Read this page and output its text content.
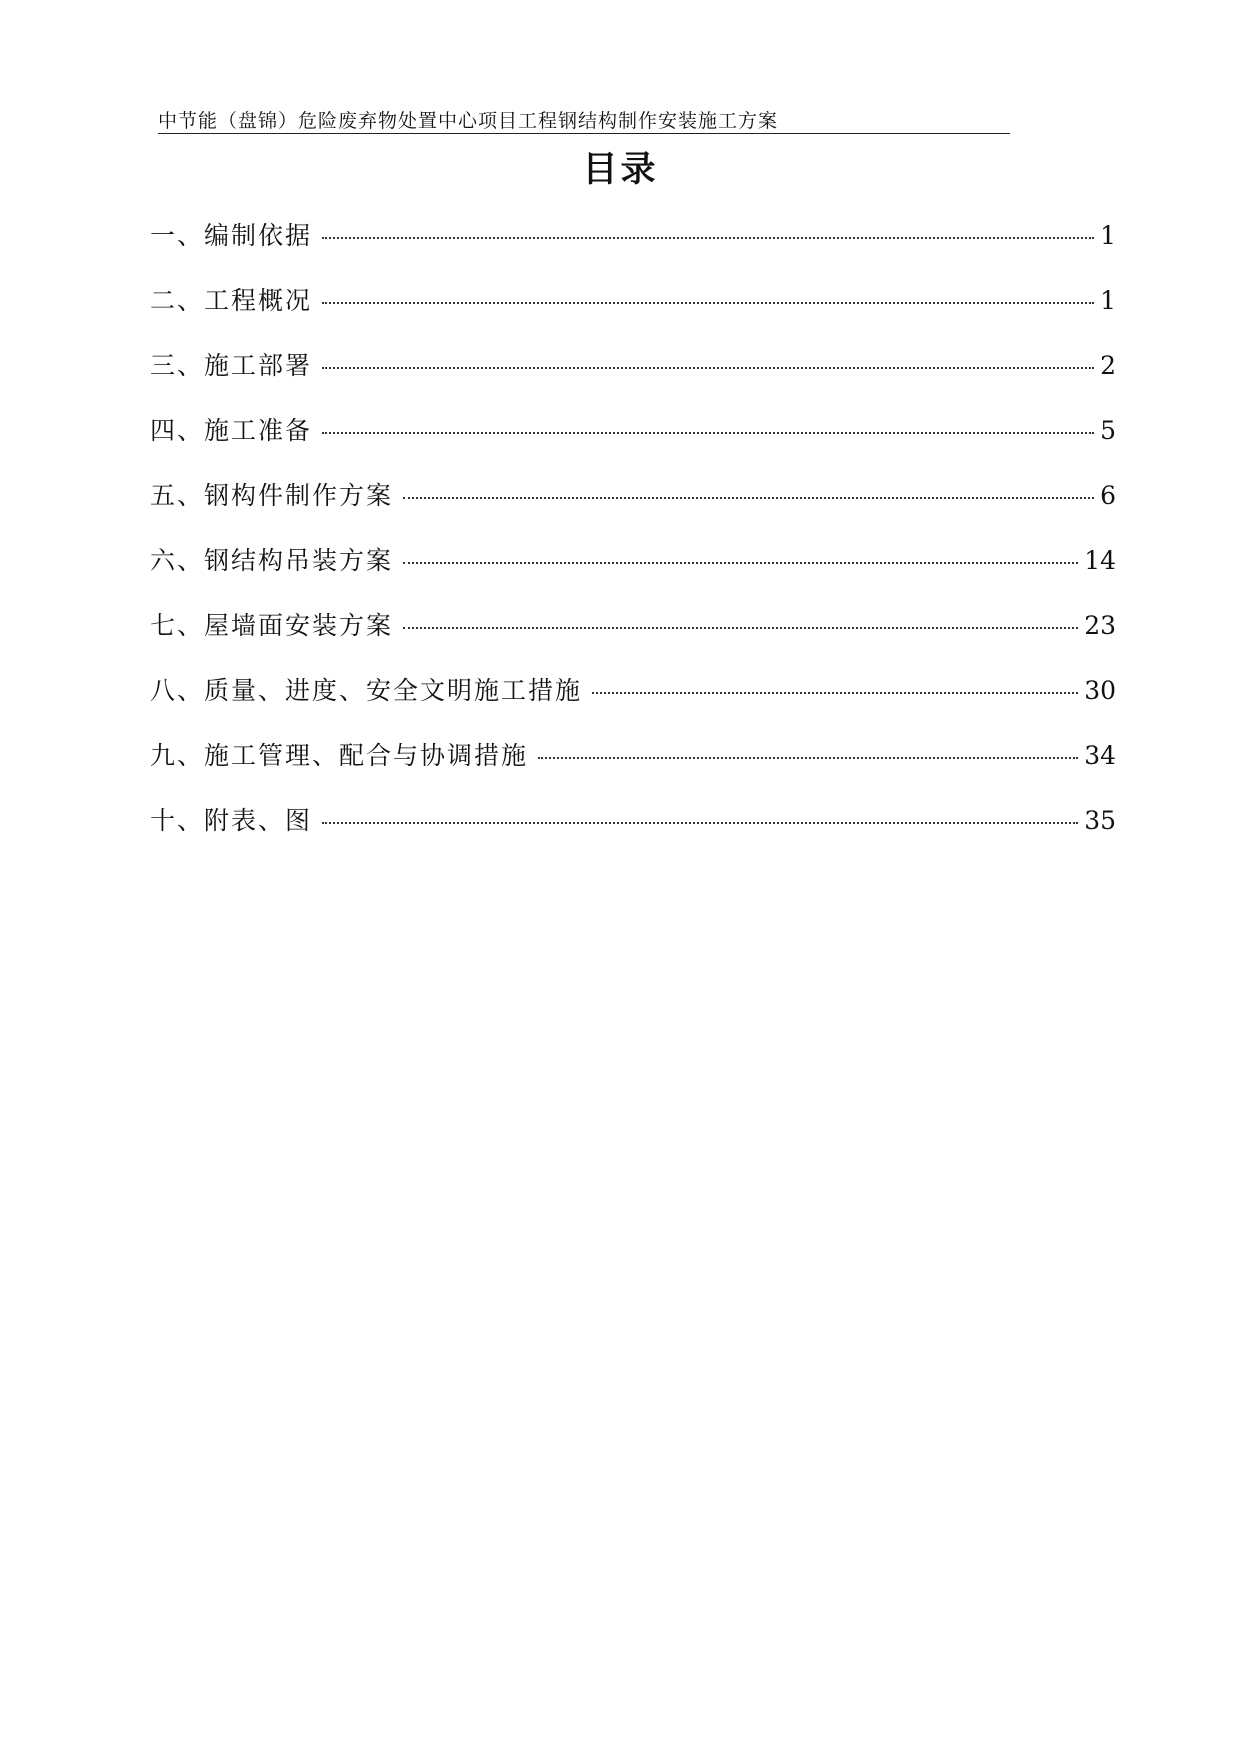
中节能（盘锦）危险废弃物处置中心项目工程钢结构制作安装施工方案
目录
一、编制依据	1
二、工程概况	1
三、施工部署	2
四、施工准备	5
五、钢构件制作方案	6
六、钢结构吊装方案	14
七、屋墙面安装方案	23
八、质量、进度、安全文明施工措施	30
九、施工管理、配合与协调措施	34
十、附表、图	35
